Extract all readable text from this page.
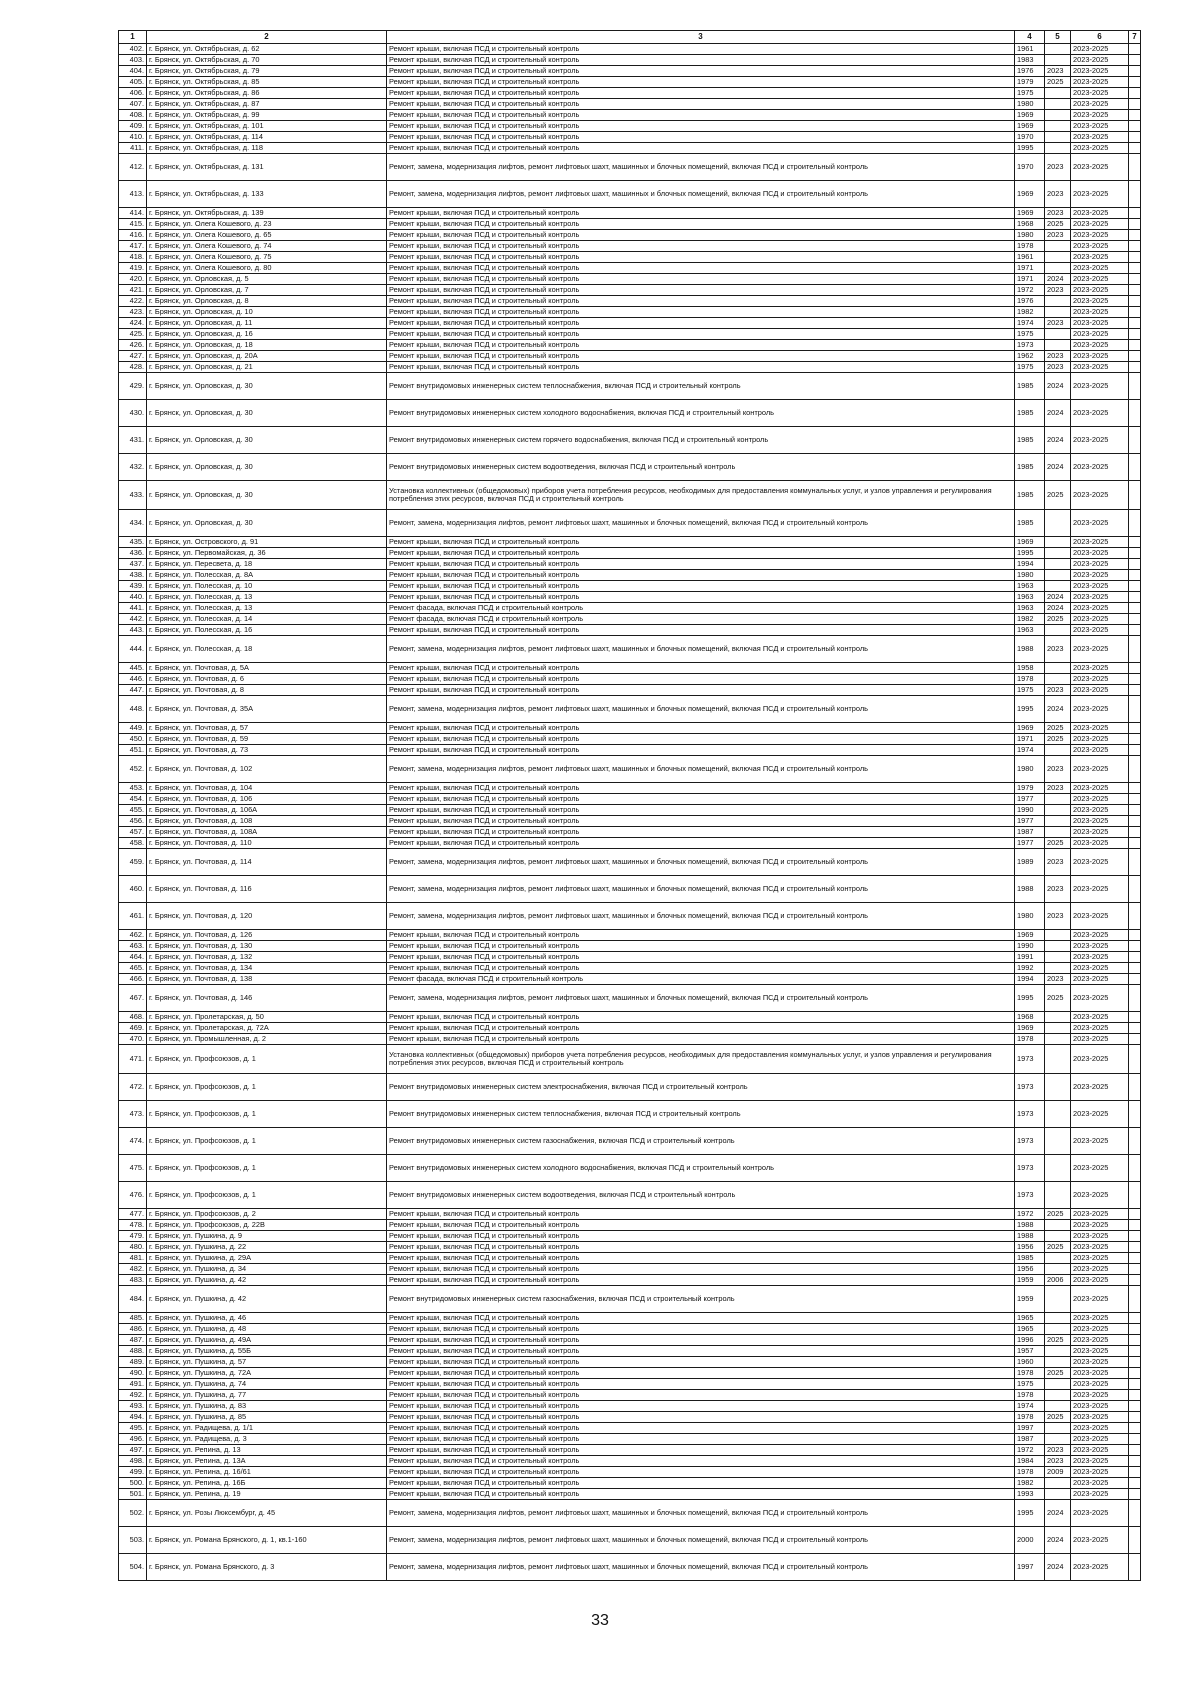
1	2	3	4	5	6	7
402.	г. Брянск, ул. Октябрьская, д. 62	Ремонт крыши, включая ПСД и строительный контроль	1961		2023-2025	
403.	г. Брянск, ул. Октябрьская, д. 70	Ремонт крыши, включая ПСД и строительный контроль	1983		2023-2025	
404.	г. Брянск, ул. Октябрьская, д. 79	Ремонт крыши, включая ПСД и строительный контроль	1976	2023	2023-2025	
405.	г. Брянск, ул. Октябрьская, д. 85	Ремонт крыши, включая ПСД и строительный контроль	1979	2025	2023-2025	
406.	г. Брянск, ул. Октябрьская, д. 86	Ремонт крыши, включая ПСД и строительный контроль	1975		2023-2025	
407.	г. Брянск, ул. Октябрьская, д. 87	Ремонт крыши, включая ПСД и строительный контроль	1980		2023-2025	
408.	г. Брянск, ул. Октябрьская, д. 99	Ремонт крыши, включая ПСД и строительный контроль	1969		2023-2025	
409.	г. Брянск, ул. Октябрьская, д. 101	Ремонт крыши, включая ПСД и строительный контроль	1969		2023-2025	
410.	г. Брянск, ул. Октябрьская, д. 114	Ремонт крыши, включая ПСД и строительный контроль	1970		2023-2025	
411.	г. Брянск, ул. Октябрьская, д. 118	Ремонт крыши, включая ПСД и строительный контроль	1995		2023-2025	
412.	г. Брянск, ул. Октябрьская, д. 131	Ремонт, замена, модернизация лифтов, ремонт лифтовых шахт, машинных и блочных помещений, включая ПСД и строительный контроль	1970	2023	2023-2025	
413.	г. Брянск, ул. Октябрьская, д. 133	Ремонт, замена, модернизация лифтов, ремонт лифтовых шахт, машинных и блочных помещений, включая ПСД и строительный контроль	1969	2023	2023-2025	
414.	г. Брянск, ул. Октябрьская, д. 139	Ремонт крыши, включая ПСД и строительный контроль	1969	2023	2023-2025	
415.	г. Брянск, ул. Олега Кошевого, д. 23	Ремонт крыши, включая ПСД и строительный контроль	1968	2025	2023-2025	
416.	г. Брянск, ул. Олега Кошевого, д. 65	Ремонт крыши, включая ПСД и строительный контроль	1980	2023	2023-2025	
417.	г. Брянск, ул. Олега Кошевого, д. 74	Ремонт крыши, включая ПСД и строительный контроль	1978		2023-2025	
418.	г. Брянск, ул. Олега Кошевого, д. 75	Ремонт крыши, включая ПСД и строительный контроль	1961		2023-2025	
419.	г. Брянск, ул. Олега Кошевого, д. 80	Ремонт крыши, включая ПСД и строительный контроль	1971		2023-2025	
420.	г. Брянск, ул. Орловская, д. 5	Ремонт крыши, включая ПСД и строительный контроль	1971	2024	2023-2025	
421.	г. Брянск, ул. Орловская, д. 7	Ремонт крыши, включая ПСД и строительный контроль	1972	2023	2023-2025	
422.	г. Брянск, ул. Орловская, д. 8	Ремонт крыши, включая ПСД и строительный контроль	1976		2023-2025	
423.	г. Брянск, ул. Орловская, д. 10	Ремонт крыши, включая ПСД и строительный контроль	1982		2023-2025	
424.	г. Брянск, ул. Орловская, д. 11	Ремонт крыши, включая ПСД и строительный контроль	1974	2023	2023-2025	
425.	г. Брянск, ул. Орловская, д. 16	Ремонт крыши, включая ПСД и строительный контроль	1975		2023-2025	
426.	г. Брянск, ул. Орловская, д. 18	Ремонт крыши, включая ПСД и строительный контроль	1973		2023-2025	
427.	г. Брянск, ул. Орловская, д. 20А	Ремонт крыши, включая ПСД и строительный контроль	1962	2023	2023-2025	
428.	г. Брянск, ул. Орловская, д. 21	Ремонт крыши, включая ПСД и строительный контроль	1975	2023	2023-2025	
429.	г. Брянск, ул. Орловская, д. 30	Ремонт внутридомовых инженерных систем теплоснабжения, включая ПСД и строительный контроль	1985	2024	2023-2025	
430.	г. Брянск, ул. Орловская, д. 30	Ремонт внутридомовых инженерных систем холодного водоснабжения, включая ПСД и строительный контроль	1985	2024	2023-2025	
431.	г. Брянск, ул. Орловская, д. 30	Ремонт внутридомовых инженерных систем горячего водоснабжения, включая ПСД и строительный контроль	1985	2024	2023-2025	
432.	г. Брянск, ул. Орловская, д. 30	Ремонт внутридомовых инженерных систем водоотведения, включая ПСД и строительный контроль	1985	2024	2023-2025	
433.	г. Брянск, ул. Орловская, д. 30	Установка коллективных (общедомовых) приборов учета потребления ресурсов, необходимых для предоставления коммунальных услуг, и узлов управления и регулирования потребления этих ресурсов, включая ПСД и строительный контроль	1985	2025	2023-2025	
434.	г. Брянск, ул. Орловская, д. 30	Ремонт, замена, модернизация лифтов, ремонт лифтовых шахт, машинных и блочных помещений, включая ПСД и строительный контроль	1985		2023-2025	
435.	г. Брянск, ул. Островского, д. 91	Ремонт крыши, включая ПСД и строительный контроль	1969		2023-2025	
436.	г. Брянск, ул. Первомайская, д. 36	Ремонт крыши, включая ПСД и строительный контроль	1995		2023-2025	
437.	г. Брянск, ул. Пересвета, д. 18	Ремонт крыши, включая ПСД и строительный контроль	1994		2023-2025	
438.	г. Брянск, ул. Полесская, д. 8А	Ремонт крыши, включая ПСД и строительный контроль	1980		2023-2025	
439.	г. Брянск, ул. Полесская, д. 10	Ремонт крыши, включая ПСД и строительный контроль	1963		2023-2025	
440.	г. Брянск, ул. Полесская, д. 13	Ремонт крыши, включая ПСД и строительный контроль	1963	2024	2023-2025	
441.	г. Брянск, ул. Полесская, д. 13	Ремонт фасада, включая ПСД и строительный контроль	1963	2024	2023-2025	
442.	г. Брянск, ул. Полесская, д. 14	Ремонт фасада, включая ПСД и строительный контроль	1982	2025	2023-2025	
443.	г. Брянск, ул. Полесская, д. 16	Ремонт крыши, включая ПСД и строительный контроль	1963		2023-2025	
444.	г. Брянск, ул. Полесская, д. 18	Ремонт, замена, модернизация лифтов, ремонт лифтовых шахт, машинных и блочных помещений, включая ПСД и строительный контроль	1988	2023	2023-2025	
445.	г. Брянск, ул. Почтовая, д. 5А	Ремонт крыши, включая ПСД и строительный контроль	1958		2023-2025	
446.	г. Брянск, ул. Почтовая, д. 6	Ремонт крыши, включая ПСД и строительный контроль	1978		2023-2025	
447.	г. Брянск, ул. Почтовая, д. 8	Ремонт крыши, включая ПСД и строительный контроль	1975	2023	2023-2025	
448.	г. Брянск, ул. Почтовая, д. 35А	Ремонт, замена, модернизация лифтов, ремонт лифтовых шахт, машинных и блочных помещений, включая ПСД и строительный контроль	1995	2024	2023-2025	
449.	г. Брянск, ул. Почтовая, д. 57	Ремонт крыши, включая ПСД и строительный контроль	1969	2025	2023-2025	
450.	г. Брянск, ул. Почтовая, д. 59	Ремонт крыши, включая ПСД и строительный контроль	1971	2025	2023-2025	
451.	г. Брянск, ул. Почтовая, д. 73	Ремонт крыши, включая ПСД и строительный контроль	1974		2023-2025	
452.	г. Брянск, ул. Почтовая, д. 102	Ремонт, замена, модернизация лифтов, ремонт лифтовых шахт, машинных и блочных помещений, включая ПСД и строительный контроль	1980	2023	2023-2025	
453.	г. Брянск, ул. Почтовая, д. 104	Ремонт крыши, включая ПСД и строительный контроль	1979	2023	2023-2025	
454.	г. Брянск, ул. Почтовая, д. 106	Ремонт крыши, включая ПСД и строительный контроль	1977		2023-2025	
455.	г. Брянск, ул. Почтовая, д. 106А	Ремонт крыши, включая ПСД и строительный контроль	1990		2023-2025	
456.	г. Брянск, ул. Почтовая, д. 108	Ремонт крыши, включая ПСД и строительный контроль	1977		2023-2025	
457.	г. Брянск, ул. Почтовая, д. 108А	Ремонт крыши, включая ПСД и строительный контроль	1987		2023-2025	
458.	г. Брянск, ул. Почтовая, д. 110	Ремонт крыши, включая ПСД и строительный контроль	1977	2025	2023-2025	
459.	г. Брянск, ул. Почтовая, д. 114	Ремонт, замена, модернизация лифтов, ремонт лифтовых шахт, машинных и блочных помещений, включая ПСД и строительный контроль	1989	2023	2023-2025	
460.	г. Брянск, ул. Почтовая, д. 116	Ремонт, замена, модернизация лифтов, ремонт лифтовых шахт, машинных и блочных помещений, включая ПСД и строительный контроль	1988	2023	2023-2025	
461.	г. Брянск, ул. Почтовая, д. 120	Ремонт, замена, модернизация лифтов, ремонт лифтовых шахт, машинных и блочных помещений, включая ПСД и строительный контроль	1980	2023	2023-2025	
462.	г. Брянск, ул. Почтовая, д. 126	Ремонт крыши, включая ПСД и строительный контроль	1969		2023-2025	
463.	г. Брянск, ул. Почтовая, д. 130	Ремонт крыши, включая ПСД и строительный контроль	1990		2023-2025	
464.	г. Брянск, ул. Почтовая, д. 132	Ремонт крыши, включая ПСД и строительный контроль	1991		2023-2025	
465.	г. Брянск, ул. Почтовая, д. 134	Ремонт крыши, включая ПСД и строительный контроль	1992		2023-2025	
466.	г. Брянск, ул. Почтовая, д. 138	Ремонт фасада, включая ПСД и строительный контроль	1994	2023	2023-2025	
467.	г. Брянск, ул. Почтовая, д. 146	Ремонт, замена, модернизация лифтов, ремонт лифтовых шахт, машинных и блочных помещений, включая ПСД и строительный контроль	1995	2025	2023-2025	
468.	г. Брянск, ул. Пролетарская, д. 50	Ремонт крыши, включая ПСД и строительный контроль	1968		2023-2025	
469.	г. Брянск, ул. Пролетарская, д. 72А	Ремонт крыши, включая ПСД и строительный контроль	1969		2023-2025	
470.	г. Брянск, ул. Промышленная, д. 2	Ремонт крыши, включая ПСД и строительный контроль	1978		2023-2025	
471.	г. Брянск, ул. Профсоюзов, д. 1	Установка коллективных (общедомовых) приборов учета потребления ресурсов, необходимых для предоставления коммунальных услуг, и узлов управления и регулирования потребления этих ресурсов, включая ПСД и строительный контроль	1973		2023-2025	
472.	г. Брянск, ул. Профсоюзов, д. 1	Ремонт внутридомовых инженерных систем электроснабжения, включая ПСД и строительный контроль	1973		2023-2025	
473.	г. Брянск, ул. Профсоюзов, д. 1	Ремонт внутридомовых инженерных систем теплоснабжения, включая ПСД и строительный контроль	1973		2023-2025	
474.	г. Брянск, ул. Профсоюзов, д. 1	Ремонт внутридомовых инженерных систем газоснабжения, включая ПСД и строительный контроль	1973		2023-2025	
475.	г. Брянск, ул. Профсоюзов, д. 1	Ремонт внутридомовых инженерных систем холодного водоснабжения, включая ПСД и строительный контроль	1973		2023-2025	
476.	г. Брянск, ул. Профсоюзов, д. 1	Ремонт внутридомовых инженерных систем водоотведения, включая ПСД и строительный контроль	1973		2023-2025	
477.	г. Брянск, ул. Профсоюзов, д. 2	Ремонт крыши, включая ПСД и строительный контроль	1972	2025	2023-2025	
478.	г. Брянск, ул. Профсоюзов, д. 22В	Ремонт крыши, включая ПСД и строительный контроль	1988		2023-2025	
479.	г. Брянск, ул. Пушкина, д. 9	Ремонт крыши, включая ПСД и строительный контроль	1988		2023-2025	
480.	г. Брянск, ул. Пушкина, д. 22	Ремонт крыши, включая ПСД и строительный контроль	1956	2025	2023-2025	
481.	г. Брянск, ул. Пушкина, д. 29А	Ремонт крыши, включая ПСД и строительный контроль	1985		2023-2025	
482.	г. Брянск, ул. Пушкина, д. 34	Ремонт крыши, включая ПСД и строительный контроль	1956		2023-2025	
483.	г. Брянск, ул. Пушкина, д. 42	Ремонт крыши, включая ПСД и строительный контроль	1959	2006	2023-2025	
484.	г. Брянск, ул. Пушкина, д. 42	Ремонт внутридомовых инженерных систем газоснабжения, включая ПСД и строительный контроль	1959		2023-2025	
485.	г. Брянск, ул. Пушкина, д. 46	Ремонт крыши, включая ПСД и строительный контроль	1965		2023-2025	
486.	г. Брянск, ул. Пушкина, д. 48	Ремонт крыши, включая ПСД и строительный контроль	1965		2023-2025	
487.	г. Брянск, ул. Пушкина, д. 49А	Ремонт крыши, включая ПСД и строительный контроль	1996	2025	2023-2025	
488.	г. Брянск, ул. Пушкина, д. 55Б	Ремонт крыши, включая ПСД и строительный контроль	1957		2023-2025	
489.	г. Брянск, ул. Пушкина, д. 57	Ремонт крыши, включая ПСД и строительный контроль	1960		2023-2025	
490.	г. Брянск, ул. Пушкина, д. 72А	Ремонт крыши, включая ПСД и строительный контроль	1978	2025	2023-2025	
491.	г. Брянск, ул. Пушкина, д. 74	Ремонт крыши, включая ПСД и строительный контроль	1975		2023-2025	
492.	г. Брянск, ул. Пушкина, д. 77	Ремонт крыши, включая ПСД и строительный контроль	1978		2023-2025	
493.	г. Брянск, ул. Пушкина, д. 83	Ремонт крыши, включая ПСД и строительный контроль	1974		2023-2025	
494.	г. Брянск, ул. Пушкина, д. 85	Ремонт крыши, включая ПСД и строительный контроль	1978	2025	2023-2025	
495.	г. Брянск, ул. Радищева, д. 1/1	Ремонт крыши, включая ПСД и строительный контроль	1997		2023-2025	
496.	г. Брянск, ул. Радищева, д. 3	Ремонт крыши, включая ПСД и строительный контроль	1987		2023-2025	
497.	г. Брянск, ул. Репина, д. 13	Ремонт крыши, включая ПСД и строительный контроль	1972	2023	2023-2025	
498.	г. Брянск, ул. Репина, д. 13А	Ремонт крыши, включая ПСД и строительный контроль	1984	2023	2023-2025	
499.	г. Брянск, ул. Репина, д. 16/61	Ремонт крыши, включая ПСД и строительный контроль	1978	2009	2023-2025	
500.	г. Брянск, ул. Репина, д. 16Б	Ремонт крыши, включая ПСД и строительный контроль	1982		2023-2025	
501.	г. Брянск, ул. Репина, д. 19	Ремонт крыши, включая ПСД и строительный контроль	1993		2023-2025	
502.	г. Брянск, ул. Розы Люксембург, д. 45	Ремонт, замена, модернизация лифтов, ремонт лифтовых шахт, машинных и блочных помещений, включая ПСД и строительный контроль	1995	2024	2023-2025	
503.	г. Брянск, ул. Романа Брянского, д. 1, кв.1-160	Ремонт, замена, модернизация лифтов, ремонт лифтовых шахт, машинных и блочных помещений, включая ПСД и строительный контроль	2000	2024	2023-2025	
504.	г. Брянск, ул. Романа Брянского, д. 3	Ремонт, замена, модернизация лифтов, ремонт лифтовых шахт, машинных и блочных помещений, включая ПСД и строительный контроль	1997	2024	2023-2025	
33
